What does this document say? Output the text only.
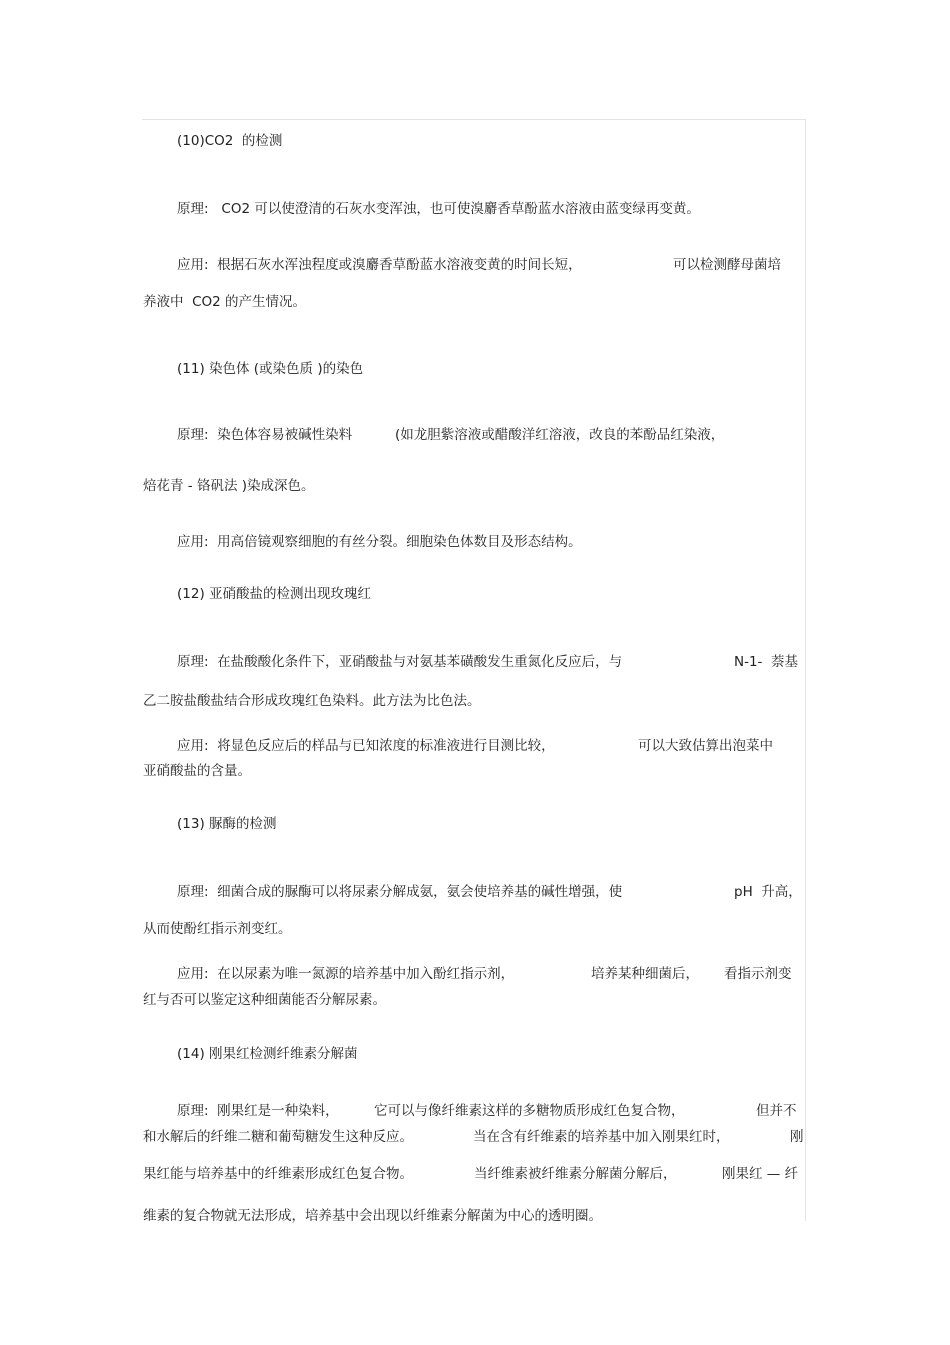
(10)CO2  的检测

原理:   CO2 可以使澄清的石灰水变浑浊，也可使溴麝香草酚蓝水溶液由蓝变绿再变黄。

应用:  根据石灰水浑浊程度或溴麝香草酚蓝水溶液变黄的时间长短，	可以检测酵母菌培

养液中  CO2 的产生情况。

(11) 染色体 (或染色质 )的染色

原理:  染色体容易被碱性染料	(如龙胆紫溶液或醋酸洋红溶液，改良的苯酚品红染液，

焙花青 - 铬矾法 )染成深色。

应用:  用高倍镜观察细胞的有丝分裂。细胞染色体数目及形态结构。

(12) 亚硝酸盐的检测出现玫瑰红

原理:  在盐酸酸化条件下，亚硝酸盐与对氨基苯磺酸发生重氮化反应后，与	N-1-  萘基

乙二胺盐酸盐结合形成玫瑰红色染料。此方法为比色法。

应用:  将显色反应后的样品与已知浓度的标准液进行目测比较，	可以大致估算出泡菜中

亚硝酸盐的含量。

(13) 脲酶的检测

原理:  细菌合成的脲酶可以将尿素分解成氨，氨会使培养基的碱性增强，使	pH  升高，

从而使酚红指示剂变红。

应用:  在以尿素为唯一氮源的培养基中加入酚红指示剂，	培养某种细菌后，	看指示剂变

红与否可以鉴定这种细菌能否分解尿素。

(14) 刚果红检测纤维素分解菌

原理:  刚果红是一种染料，	它可以与像纤维素这样的多糖物质形成红色复合物，	但并不

和水解后的纤维二糖和葡萄糖发生这种反应。	当在含有纤维素的培养基中加入刚果红时，	刚

果红能与培养基中的纤维素形成红色复合物。	当纤维素被纤维素分解菌分解后，	刚果红 — 纤

维素的复合物就无法形成，培养基中会出现以纤维素分解菌为中心的透明圈。
